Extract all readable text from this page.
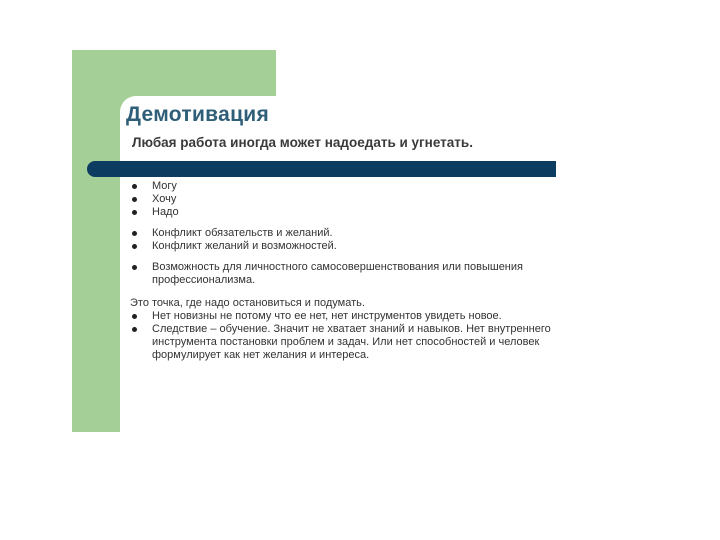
Демотивация
Любая работа иногда может надоедать и угнетать.
Могу
Хочу
Надо
Конфликт обязательств и желаний.
Конфликт желаний и возможностей.
Возможность для личностного самосовершенствования или повышения профессионализма.
Это точка, где надо остановиться и подумать.
Нет новизны не потому что ее нет, нет инструментов увидеть новое.
Следствие – обучение. Значит не хватает знаний и навыков. Нет внутреннего инструмента постановки проблем и задач. Или нет способностей и человек формулирует как нет желания и интереса.
